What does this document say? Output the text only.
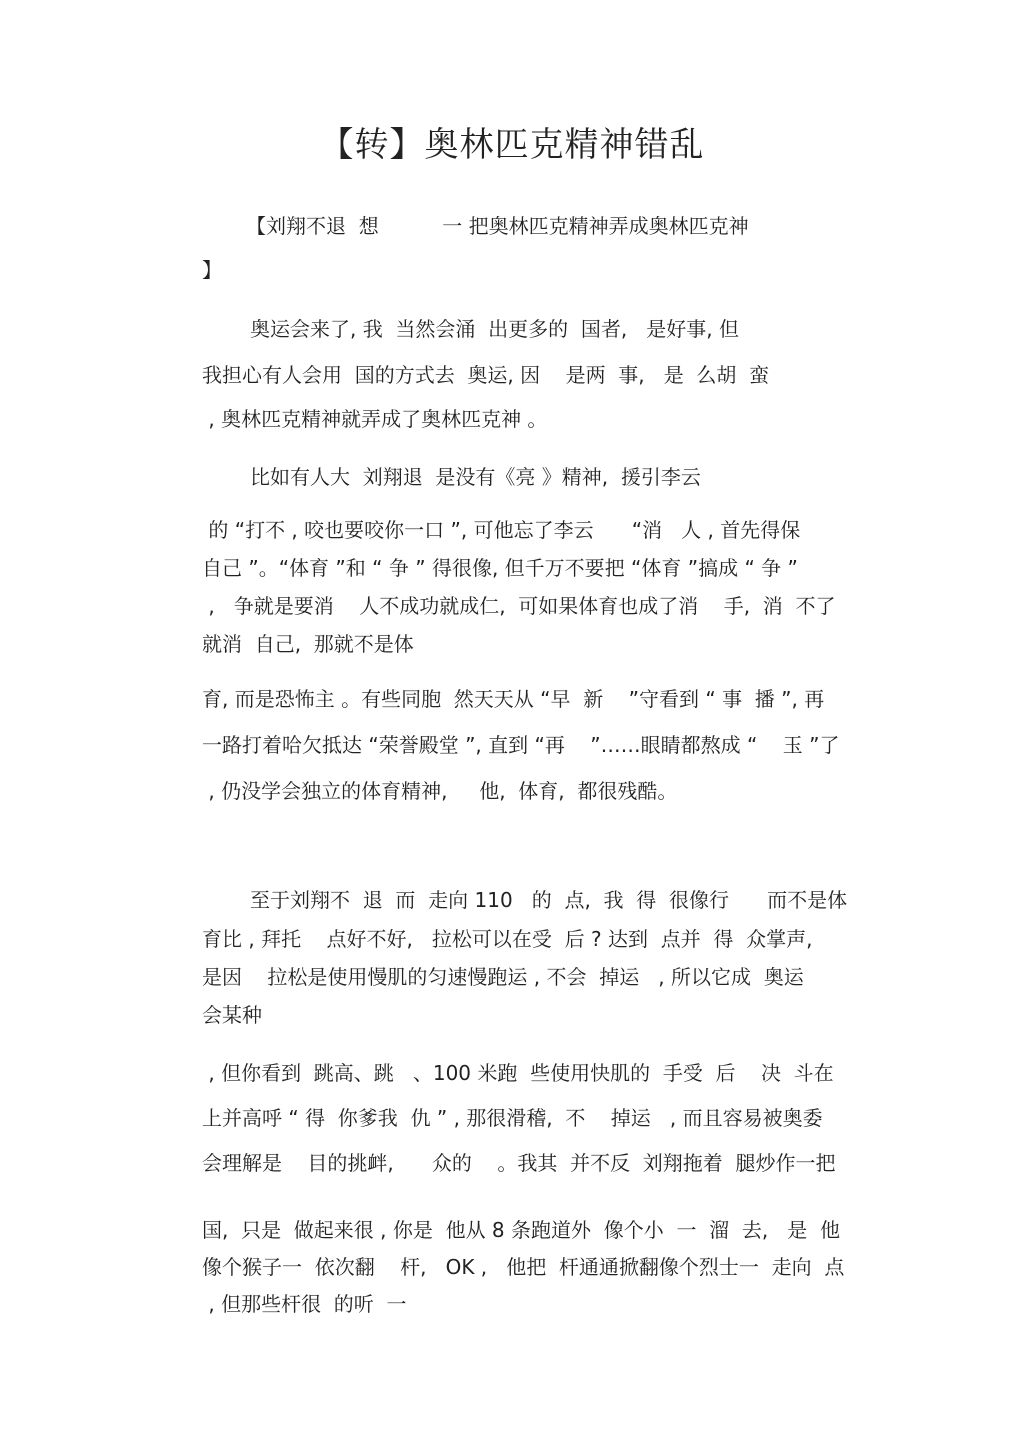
【转】奥林匹克精神错乱
【刘翔不退  想          一 把奥林匹克精神弄成奥林匹克神
】
奥运会来了, 我  当然会涌  出更多的  国者,   是好事, 但
我担心有人会用  国的方式去  奥运, 因    是两  事,   是  么胡  蛮
, 奥林匹克精神就弄成了奥林匹克神 。
比如有人大  刘翔退  是没有《亮 》精神,  援引李云
的 “打不 , 咬也要咬你一口 ”, 可他忘了李云      “消   人 , 首先得保
自己 ”。“体育 ”和 “ 争 ” 得很像, 但千万不要把 “体育 ”搞成 “ 争 ”
,   争就是要消    人不成功就成仁,  可如果体育也成了消    手,  消  不了
就消  自己,  那就不是体
育, 而是恐怖主 。有些同胞  然天天从 “早  新    ”守看到 “ 事  播 ”, 再
一路打着哈欠抵达 “荣誉殿堂 ”, 直到 “再    ”……眼睛都熬成 “    玉 ”了
, 仍没学会独立的体育精神,     他,  体育,  都很残酷。
至于刘翔不  退  而  走向 110   的  点,  我  得  很像行      而不是体
育比 , 拜托    点好不好,   拉松可以在受  后 ? 达到  点并  得  众掌声,
是因    拉松是使用慢肌的匀速慢跑运 , 不会  掉运   , 所以它成  奥运
会某种
, 但你看到  跳高、跳   、100 米跑  些使用快肌的  手受  后    决  斗在
上并高呼 “ 得  你爹我  仇 ” , 那很滑稽,  不    掉运   , 而且容易被奥委
会理解是    目的挑衅,      众的    。我其  并不反  刘翔拖着  腿炒作一把
国,  只是  做起来很 , 你是  他从 8 条跑道外  像个小  一  溜  去,   是  他
像个猴子一  依次翻    杆,   OK ,   他把  杆通通掀翻像个烈士一  走向  点
, 但那些杆很  的听  一
